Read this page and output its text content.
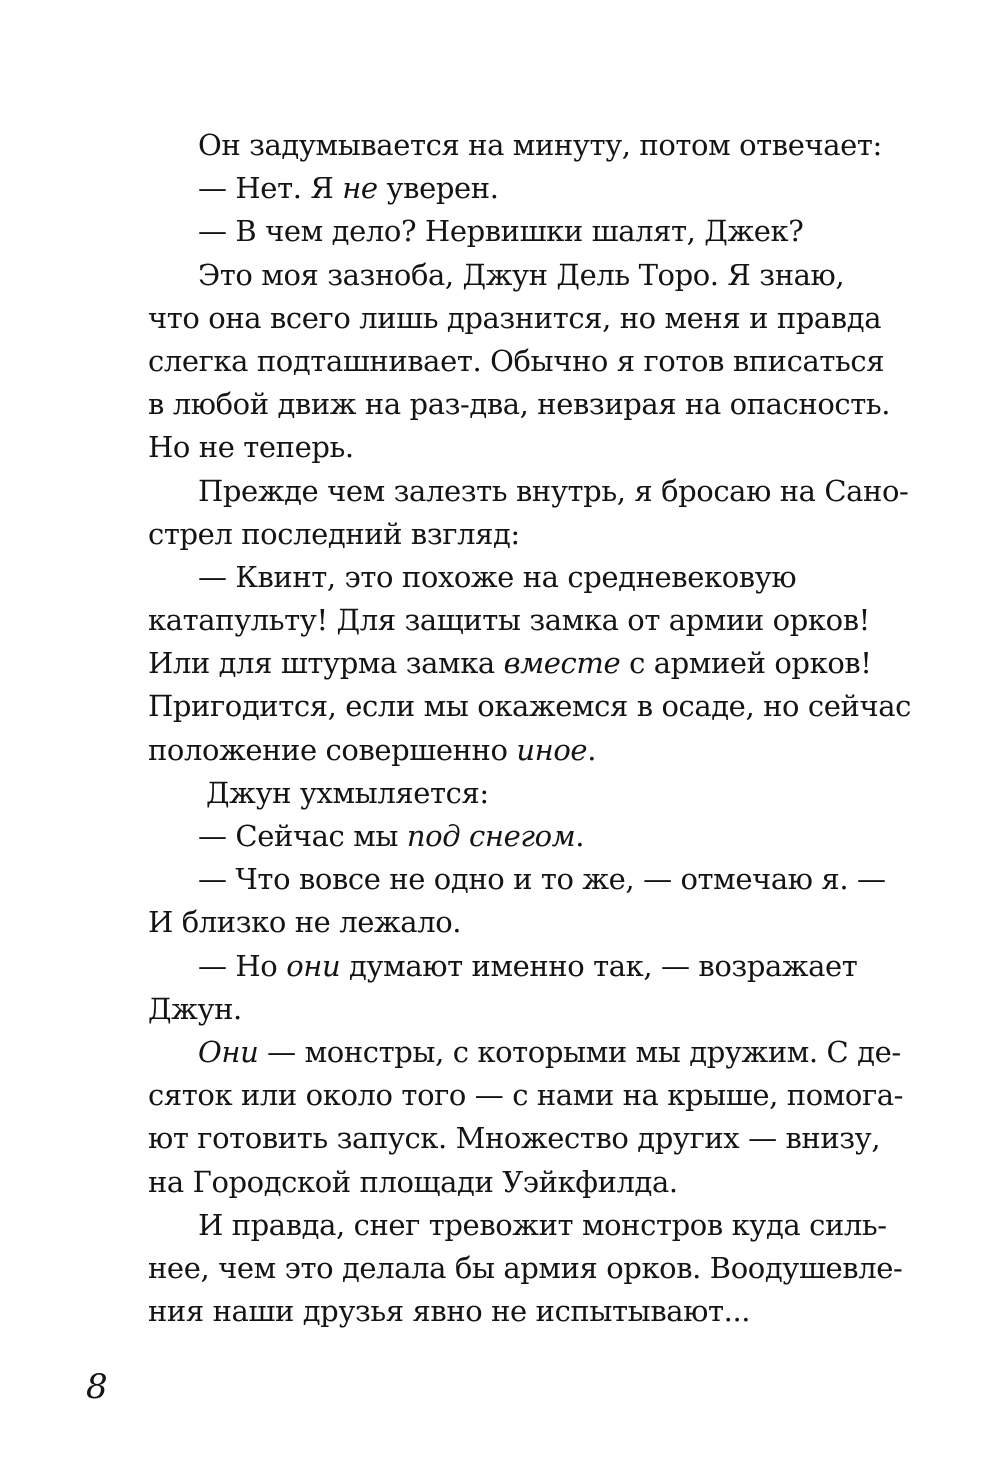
Он задумывается на минуту, потом отвечает:
— Нет. Я не уверен.
— В чем дело? Нервишки шалят, Джек?
Это моя зазноба, Джун Дель Торо. Я знаю,
что она всего лишь дразнится, но меня и правда
слегка подташнивает. Обычно я готов вписаться
в любой движ на раз-два, невзирая на опасность.
Но не теперь.
Прежде чем залезть внутрь, я бросаю на Сано-
стрел последний взгляд:
— Квинт, это похоже на средневековую
катапульту! Для защиты замка от армии орков!
Или для штурма замка вместе с армией орков!
Пригодится, если мы окажемся в осаде, но сейчас
положение совершенно иное.
Джун ухмыляется:
— Сейчас мы под снегом.
— Что вовсе не одно и то же, — отмечаю я. —
И близко не лежало.
— Но они думают именно так, — возражает
Джун.
Они — монстры, с которыми мы дружим. С де-
сяток или около того — с нами на крыше, помога-
ют готовить запуск. Множество других — внизу,
на Городской площади Уэйкфилда.
И правда, снег тревожит монстров куда силь-
нее, чем это делала бы армия орков. Воодушевле-
ния наши друзья явно не испытывают...
8
